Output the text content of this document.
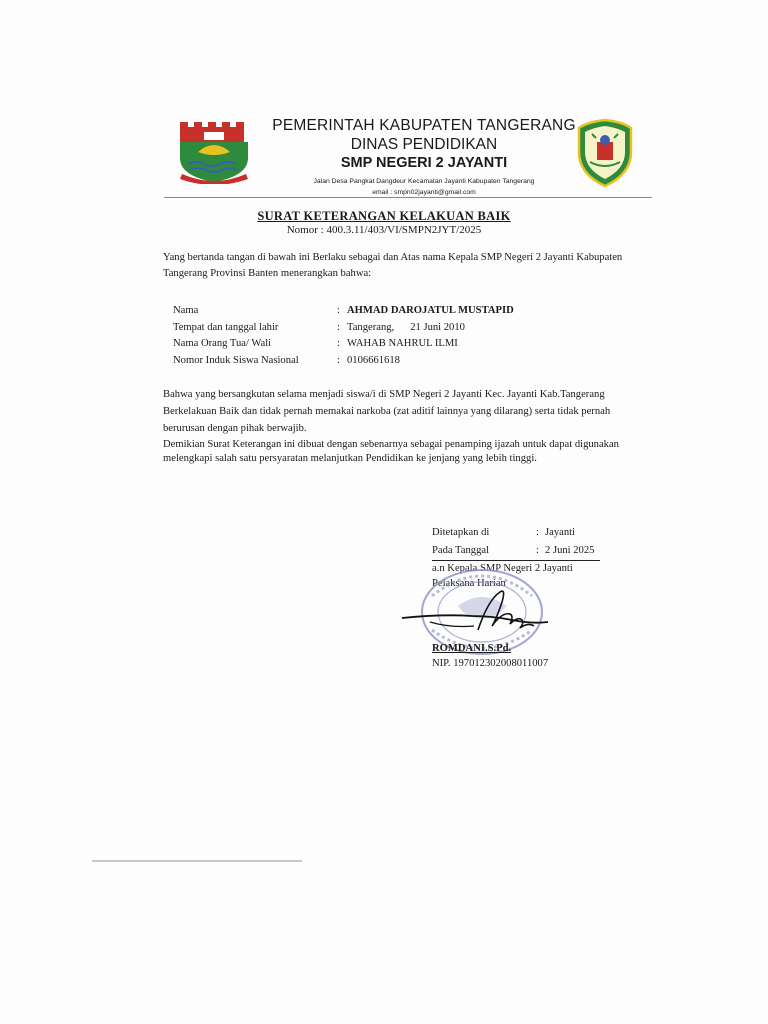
PEMERINTAH KABUPATEN TANGERANG
DINAS PENDIDIKAN
SMP NEGERI 2 JAYANTI
Jalan Desa Pangkat Dangdeur Kecamatan Jayanti Kabupaten Tangerang
email : smpn02jayanti@gmail.com
SURAT KETERANGAN KELAKUAN BAIK
Nomor : 400.3.11/403/VI/SMPN2JYT/2025
Yang bertanda tangan di bawah ini Berlaku sebagai dan Atas nama Kepala SMP Negeri 2 Jayanti Kabupaten Tangerang Provinsi Banten menerangkan bahwa:
Nama	: AHMAD DAROJATUL MUSTAPID
Tempat dan tanggal lahir	: Tangerang, 21 Juni 2010
Nama Orang Tua/ Wali	: WAHAB NAHRUL ILMI
Nomor Induk Siswa Nasional	: 0106661618
Bahwa yang bersangkutan selama menjadi siswa/i di SMP Negeri 2 Jayanti Kec. Jayanti Kab.Tangerang Berkelakuan Baik dan tidak pernah memakai narkoba (zat aditif lainnya yang dilarang) serta tidak pernah berurusan dengan pihak berwajib.
Demikian Surat Keterangan ini dibuat dengan sebenarnya sebagai penamping ijazah untuk dapat digunakan melengkapi salah satu persyaratan melanjutkan Pendidikan ke jenjang yang lebih tinggi.
Ditetapkan di	: Jayanti
Pada Tanggal	: 2 Juni 2025
a.n Kepala SMP Negeri 2 Jayanti
Pelaksana Harian
ROMDANI.S.Pd.
NIP. 197012302008011007
